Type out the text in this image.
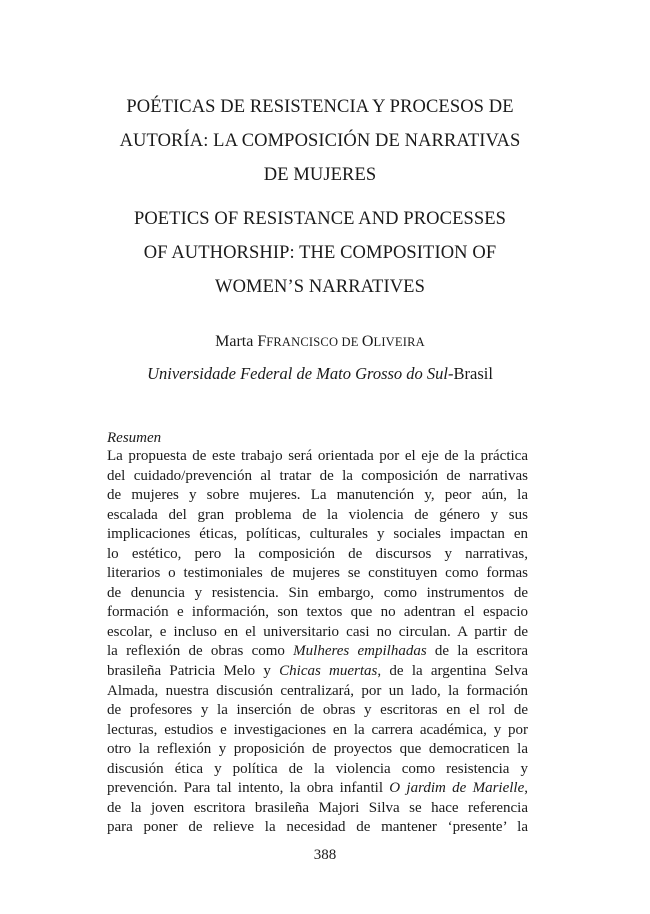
POÉTICAS DE RESISTENCIA Y PROCESOS DE
AUTORÍA: LA COMPOSICIÓN DE NARRATIVAS
DE MUJERES
POETICS OF RESISTANCE AND PROCESSES
OF AUTHORSHIP: THE COMPOSITION OF
WOMEN’S NARRATIVES
Marta FFRANCISCO DE OLIVEIRA
Universidade Federal de Mato Grosso do Sul-Brasil
Resumen
La propuesta de este trabajo será orientada por el eje de la práctica
del cuidado/prevención al tratar de la composición de narrativas
de mujeres y sobre mujeres. La manutención y, peor aún, la
escalada del gran problema de la violencia de género y sus
implicaciones éticas, políticas, culturales y sociales impactan en
lo estético, pero la composición de discursos y narrativas,
literarios o testimoniales de mujeres se constituyen como formas
de denuncia y resistencia. Sin embargo, como instrumentos de
formación e información, son textos que no adentran el espacio
escolar, e incluso en el universitario casi no circulan. A partir de
la reflexión de obras como Mulheres empilhadas de la escritora
brasileña Patricia Melo y Chicas muertas, de la argentina Selva
Almada, nuestra discusión centralizará, por un lado, la formación
de profesores y la inserción de obras y escritoras en el rol de
lecturas, estudios e investigaciones en la carrera académica, y por
otro la reflexión y proposición de proyectos que democraticen la
discusión ética y política de la violencia como resistencia y
prevención. Para tal intento, la obra infantil O jardim de Marielle,
de la joven escritora brasileña Majori Silva se hace referencia
para poner de relieve la necesidad de mantener ‘presente’ la
388
